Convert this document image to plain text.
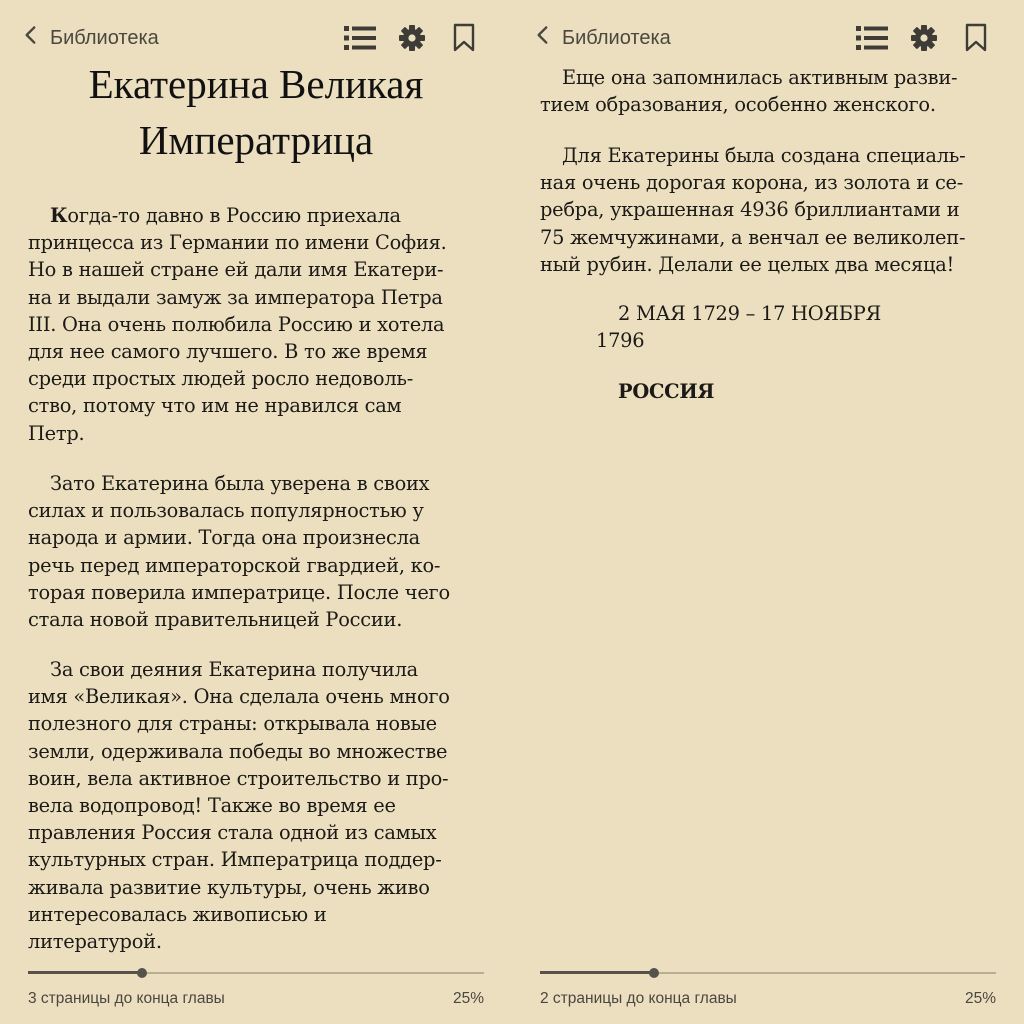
Библиотека
Екатерина Великая
Императрица

Когда-то давно в Россию приехала
принцесса из Германии по имени София.
Но в нашей стране ей дали имя Екатери-
на и выдали замуж за императора Петра
III. Она очень полюбила Россию и хотела
для нее самого лучшего. В то же время
среди простых людей росло недоволь-
ство, потому что им не нравился сам
Петр.

Зато Екатерина была уверена в своих
силах и пользовалась популярностью у
народа и армии. Тогда она произнесла
речь перед императорской гвардией, ко-
торая поверила императрице. После чего
стала новой правительницей России.

За свои деяния Екатерина получила
имя «Великая». Она сделала очень много
полезного для страны: открывала новые
земли, одерживала победы во множестве
воин, вела активное строительство и про-
вела водопровод! Также во время ее
правления Россия стала одной из самых
культурных стран. Императрица поддер-
живала развитие культуры, очень живо
интересовалась живописью и
литературой.

3 страницы до конца главы	25%
Библиотека

Еще она запомнилась активным разви-
тием образования, особенно женского.

Для Екатерины была создана специаль-
ная очень дорогая корона, из золота и се-
ребра, украшенная 4936 бриллиантами и
75 жемчужинами, а венчал ее великолеп-
ный рубин. Делали ее целых два месяца!

2 МАЯ 1729 – 17 НОЯБРЯ
1796
РОССИЯ
2 страницы до конца главы	25%
